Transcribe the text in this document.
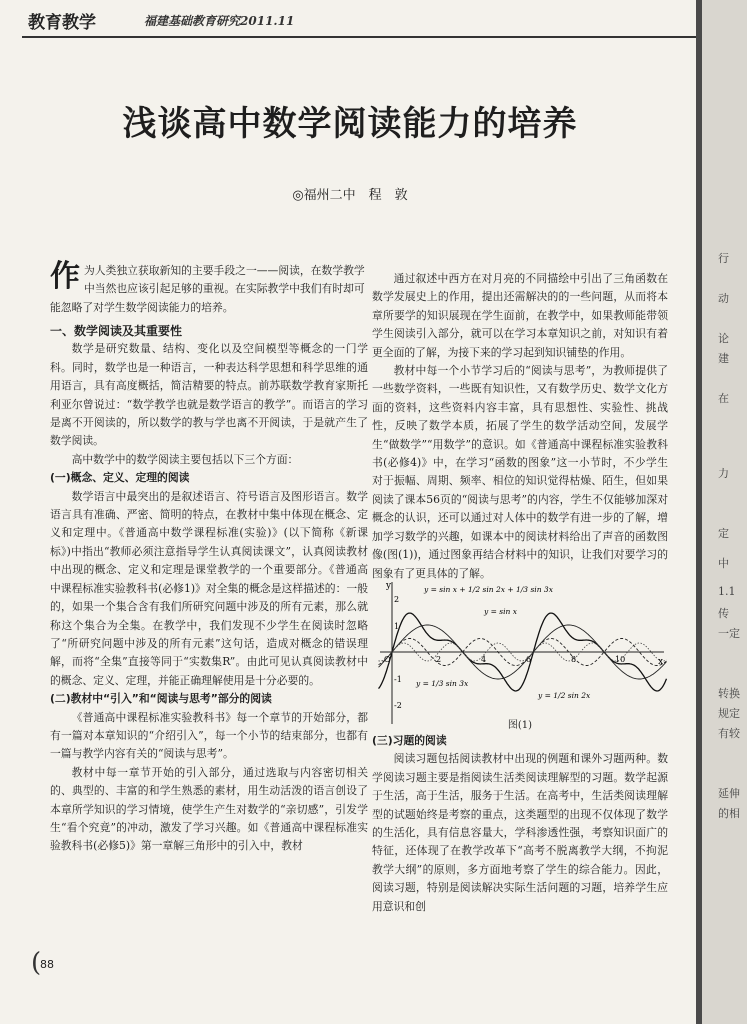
教育教学	福建基础教育研究2011.11
浅谈高中数学阅读能力的培养
◎福州二中　程　敦
作 为人类独立获取新知的主要手段之一——阅读，在数学教学中当然也应该引起足够的重视。在实际教学中我们有时却可能忽略了对学生数学阅读能力的培养。

一、数学阅读及其重要性

数学是研究数量、结构、变化以及空间模型等概念的一门学科。同时，数学也是一种语言，一种表达科学思想和科学思维的通用语言，具有高度概括，简洁精要的特点。前苏联数学教育家斯托利亚尔曾说过：“数学教学也就是数学语言的教学”。而语言的学习是离不开阅读的，所以数学的教与学也离不开阅读，于是就产生了数学阅读。

高中数学中的数学阅读主要包括以下三个方面：

(一)概念、定义、定理的阅读

数学语言中最突出的是叙述语言、符号语言及图形语言。数学语言具有准确、严密、简明的特点，在教材中集中体现在概念、定义和定理中。《普通高中数学课程标准(实验)》(以下简称《新课标》)中指出“教师必须注意指导学生认真阅读课文”，认真阅读教材中出现的概念、定义和定理是课堂教学的一个重要部分。《普通高中课程标准实验教科书(必修1)》对全集的概念是这样描述的：一般的，如果一个集合含有我们所研究问题中涉及的所有元素，那么就称这个集合为全集。在教学中，我们发现不少学生在阅读时忽略了“所研究问题中涉及的所有元素”这句话，造成对概念的错误理解，而将“全集”直接等同于“实数集R”。由此可见认真阅读教材中的概念、定义、定理，并能正确理解使用是十分必要的。

(二)教材中“引入”和“阅读与思考”部分的阅读

《普通高中课程标准实验教科书》每一个章节的开始部分，都有一篇对本章知识的“介绍引入”，每一个小节的结束部分，也都有一篇与教学内容有关的“阅读与思考”。

教材中每一章节开始的引入部分，通过选取与内容密切相关的、典型的、丰富的和学生熟悉的素材，用生动活泼的语言创设了本章所学知识的学习情境，使学生产生对数学的“亲切感”，引发学生“看个究竟”的冲动，激发了学习兴趣。如《普通高中课程标准实验教科书(必修5)》第一章解三角形中的引入中，教材

通过叙述中西方在对月亮的不同描绘中引出了三角函数在数学发展史上的作用，提出还需解决的的一些问题，从而将本章所要学的知识展现在学生面前，在教学中，如果教师能带领学生阅读引入部分，就可以在学习本章知识之前，对知识有着更全面的了解，为接下来的学习起到知识铺垫的作用。

教材中每一个小节学习后的“阅读与思考”，为教师提供了一些数学资料，一些既有知识性，又有数学历史、数学文化方面的资料，这些资料内容丰富，具有思想性、实验性、挑战性，反映了数学本质，拓展了学生的数学活动空间，发展学生“做数学”“用数学”的意识。如《普通高中课程标准实验教科书(必修4)》中，在学习“函数的图象”这一小节时，不少学生对于振幅、周期、频率、相位的知识觉得枯燥、陌生，但如果阅读了课本56页的“阅读与思考”的内容，学生不仅能够加深对概念的认识，还可以通过对人体中的数学有进一步的了解，增加学习数学的兴趣，如课本中的阅读材料给出了声音的函数图像(图(1))，通过图象再结合材料中的知识，让我们对要学习的图象有了更具体的了解。

y
x
O
2
1
-1
-2
2	4	6	8	10
y = sin x + 1/2 sin 2x + 1/3 sin 3x
y = sin x
y = 1/3 sin 3x
y = 1/2 sin 2x
图(1)

(三)习题的阅读

阅读习题包括阅读教材中出现的例题和课外习题两种。数学阅读习题主要是指阅读生活类阅读理解型的习题。数学起源于生活，高于生活，服务于生活。在高考中，生活类阅读理解型的试题始终是考察的重点，这类题型的出现不仅体现了数学的生活化，具有信息容量大，学科渗透性强，考察知识面广的特征，还体现了在教学改革下“高考不脱离教学大纲，不拘泥教学大纲”的原则，多方面地考察了学生的综合能力。因此，阅读习题，特别是阅读解决实际生活问题的习题，培养学生应用意识和创

(
88
行
动
论
建
在
力
定
中
1.1
传
一定
转换
规定
有较
延伸
的相
